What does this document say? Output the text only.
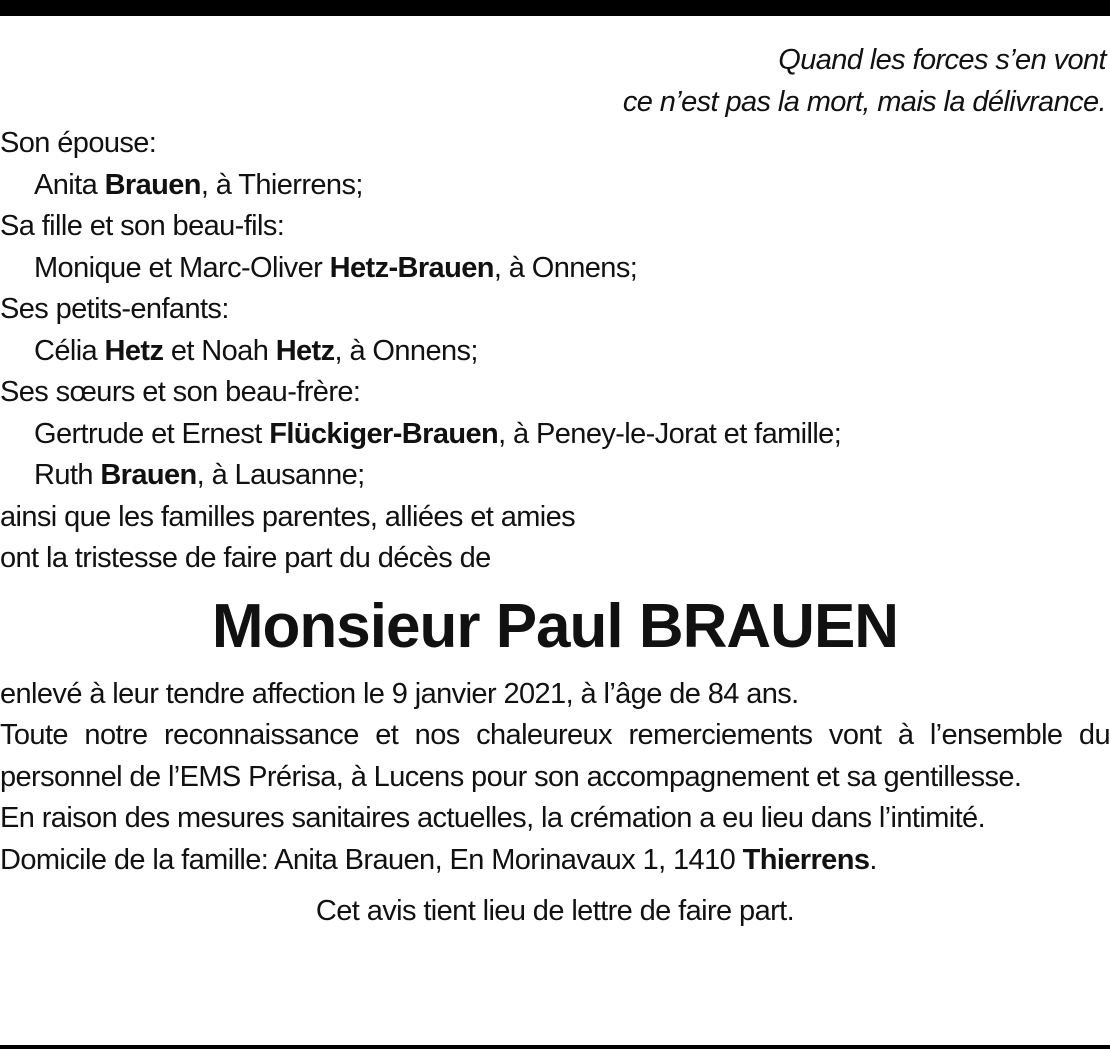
Quand les forces s’en vont
ce n’est pas la mort, mais la délivrance.
Son épouse:
Anita Brauen, à Thierrens;
Sa fille et son beau-fils:
Monique et Marc-Oliver Hetz-Brauen, à Onnens;
Ses petits-enfants:
Célia Hetz et Noah Hetz, à Onnens;
Ses sœurs et son beau-frère:
Gertrude et Ernest Flückiger-Brauen, à Peney-le-Jorat et famille;
Ruth Brauen, à Lausanne;
ainsi que les familles parentes, alliées et amies
ont la tristesse de faire part du décès de
Monsieur Paul BRAUEN
enlevé à leur tendre affection le 9 janvier 2021, à l’âge de 84 ans.
Toute notre reconnaissance et nos chaleureux remerciements vont à l’ensemble du personnel de l’EMS Prérisa, à Lucens pour son accompagnement et sa gentillesse.
En raison des mesures sanitaires actuelles, la crémation a eu lieu dans l’intimité.
Domicile de la famille: Anita Brauen, En Morinavaux 1, 1410 Thierrens.
Cet avis tient lieu de lettre de faire part.
